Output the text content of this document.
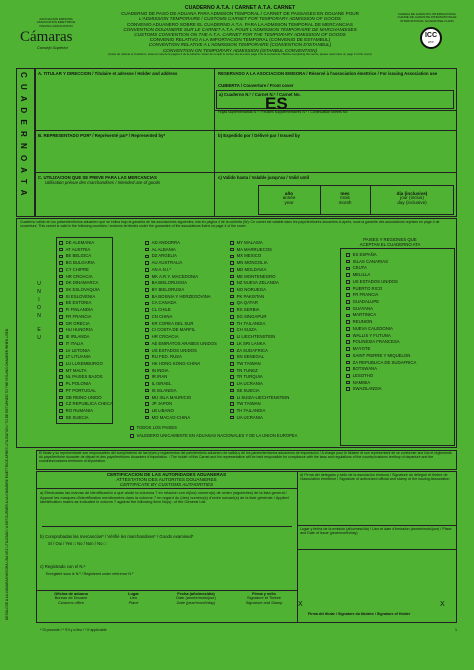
ASOCIACION EMISORA
ASSOCIATION EMETTRICE
ISSUING ASSOCIATION
Cámaras
Consejo Superior
CUADERNO A.T.A. / CARNET A.T.A. CARNET
CUADERNO DE PASO DE ADUANA PARA ADMISION TEMPORAL / CARNET DE PASSAGES EN DOUANE POUR
L'ADMISSION TEMPORAIRE / CUSTOMS CARNET FOR TEMPORARY ADMISSION OF GOODS
CONVENIO ADUANERO SOBRE EL CUADERNO A.T.A. PARA LA ADMISION TEMPORAL DE MERCANCIAS
CONVENTION DOUANIERE SUR LE CARNET A.T.A. POUR L'ADMISSION TEMPORAIRE DE MARCHANDISES
CUSTOMS CONVENTION ON THE A.T.A. CARNET FOR THE TEMPORARY ADMISSION OF GOODS
CONVENIO RELATIVO A LA IMPORTACION TEMPORAL (CONVENIO DE ESTAMBUL)
CONVENTION RELATIVE A L'ADMISSION TEMPORAIRE (CONVENTION D'ISTANBUL)
CONVENTION ON TEMPORARY ADMISSION (ISTANBUL CONVENTION)
(Antes de rellenar el Cuaderno, lease la nota de la pagina 3 de la cubierta / Avant de remplir le carnet, lire la notice page 3 de la couverture / Before completing the carnet, please read notes on page 3 of the cover)
CADENA DE GARANTIA INTERNACIONAL
CHAINE DE GARANTIE INTERNATIONALE
INTERNATIONAL GUARANTEE CHAIN
ICC
WCF
C U A D E R N O A T A A. TITULAR Y DIRECCION / Titulaire et adresse / Holder and address
B. REPRESENTADO POR* / Représenté par* / Represented by*
C. UTILIZACION QUE SE PREVE PARA LAS MERCANCIAS
Utilisation prévue des marchandises / Intended use of goods
RESERVADO A LA ASOCIACION EMISORA / Réservé à l'association émettrice / For issuing Association use
CUBIERTA / Couverture / Front cover
a) Cuaderno N.º / Carnet N.º / Carnet No.
ES
Hojas suplementarias N.º / Feuilles supplémentaires N.º / Continuation sheets No
b) Expedido por / Délivré par / Issued by
c) Valido hasta / Valable jusqu'au / Valid until
año
année
year
mes
mois
month
día (inclusive)
jour (inclus)
day (inclusive)
Cuaderno válido en los países/territorios aduanero que se indica bajo la garantía de las asociaciones siguientes, ista en página 4 de la cubierta (W): Ce carnet est valable dans les pays/territoires douaniers ci-après, sous la garantie des associations reprises en page 4 de couverture. This carnet is valid in the following countries / customs territories under the guarantee of the associations listed on page 4 of the cover:
U
N
I
O
N
E
U
DE ALEMANIA
AT AUSTRIA
BE BELGICA
BG BULGARIA
CY CHIPRE
HR CROACIA
DK DINAMARCA
SK ESLOVAQUIA
SI ESLOVENIA
EE ESTONIA
FI FINLANDIA
FR FRANCIA
GR GRECIA
HU HUNGRIA
IE IRLANDA
IT ITALIA
LV LETONIA
LT LITUANIA
LU LUXEMBURGO
MT MALTA
NL PAISES BAJOS
PL POLONIA
PT PORTUGAL
GB REINO UNIDO
CZ REPUBLICA CHECA
RO RUMANIA
SE SUECIA
AD ANDORRA
AL ALBANIA
DZ ARGELIA
AU AUSTRALIA
AN A.N.I.*
MK A.R.Y. MACEDONIA
BA BIELORUSSIA
BY BIELORUSIA
BA BOSNIA Y HERZEGOVINA
CA CANADA
CL CHILE
CN CHINA
KR COREA DEL SUR
CI COSTA DE MARFIL
HR CROACIA
AE EMIRATOS ARABES UNIDOS
US ESTADOS UNIDOS
RU FED. RUSA
HK HONG KONG-CHINA
IN INDIA
IR IRAN
IL ISRAEL
IS ISLANDIA
MU ISLA MAURICIO
JP JAPON
LB LIBANO
MO MACAO-CHINA
MY MALASIA
MA MARRUECOS
MX MEXICO
MN MONGOLIA
MD MOLDAVIA
ME MONTENEGRO
NZ NUEVA ZELANDA
NO NORUEGA
PK PAKISTAN
QA QATAR
RS SERBIA
SG SINGAPUR
TH TAILANDIA
CH SUIZA
LI LIECHTENSTEIN
LK SRI LANKA
ZA SUDAFRICA
SN SENEGAL
TW TAIWAN
TN TUNEZ
TR TURQUIA
UA UCRANIA
SE SUECIA
LI SUIZA-LIECHTENSTEIN
TW TAIWAN
TH TAILANDIA
UA UCRANIA
PAISES Y REGIONES QUE
ACEPTAN EL CUADERNO ATA
ES ESPAÑA
ISLAS CANARIAS
CEUTA
MELILLA
US ESTADOS UNIDOS
PUERTO RICO
FR FRANCIA
GUADALUPE
GUAYANA
MARTINICA
REUNION
NUEVA CALEDONIA
WALLIS Y FUTUNA
POLINESIA FRANCESA
MAYOTE
SAINT PIERRE Y MIQUELON
ZA REPUBLICA DE SUDAFRICA
BOTSWANA
LESOTHO
NAMIBIA
SWAZILANDIA
TODOS LOS PAISES
VALEDERO UNICAMENTE EN ADUANAS NACIONALES Y DE LA UNION EUROPEA
El titular y su representante son responsables del cumplimiento de las leyes y reglamentos del país/territorio aduanero de salida y de los países/territorios aduaneros de importación / A charge pour le titulaire et son représentant de se conformer aux lois et règlements du pays/territoire douanier de départ et des pays/territoires douaniers d'importation. / The holder of this Carnet and his representative will be held responsible for compliance with the laws and regulations of the country/customs territory of departure and the countries/customs territories of importation.
CERTIFICACION DE LAS AUTORIDADES ADUANERAS
ATTESTATION DES AUTORITES DOUANIERES
CERTIFICATE BY CUSTOMS AUTHORITIES
a) Efectuadas las marcas de identificación a que alude la columna 7 en relación con el(los) número(s) de orden (siguientes) de la lista general / Apposé les marques d'identification mentionnées dans la colonne 7 en regard du (des) numéro(s) d'ordre suivant(s) de la liste générale / Applied identification marks as indicated in column 7 against the following item No(s). of the General List
b) Comprobadas las mercancías* / Vérifié les marchandises* / Goods examined*
Sí / Oui / Yes □ No / Non / No □
c) Registrado con el N.º
Enregistré sous le N.º / Registered under reference N.º
Oficina de aduana
Bureau de Douane
Customs office
Lugar
Lieu
Place
Fecha (año/mes/día)
Date (année/mois/jour)
Date (year/month/day)
Firma y sello
Signature et Timbre
Signature and Stamp
d) Firma del delegado y sello de la asociación emisora / Signature du délégué et timbre de l'association émettrice / Signature of authorized official and stamp of the issuing Association
Lugar y fecha de la emisión (año/mes/día) / Lieu et date d'émission (année/mois/jour) / Place and Date of issue (year/month/day)
X	X
Firma del titular / Signature du titulaire / Signature of Holder
DESGLOSE A LA CAMARA EMISORA UNA VEZ UTILIZADO / A RETOURNER A LA CHAMBRE EMETTRICE APRES UTILISATION / TO BE RETURNED TO THE ISSUING CHAMBER WHEN USED
* Si procede / * S'il y a lieu / * If applicable	1
